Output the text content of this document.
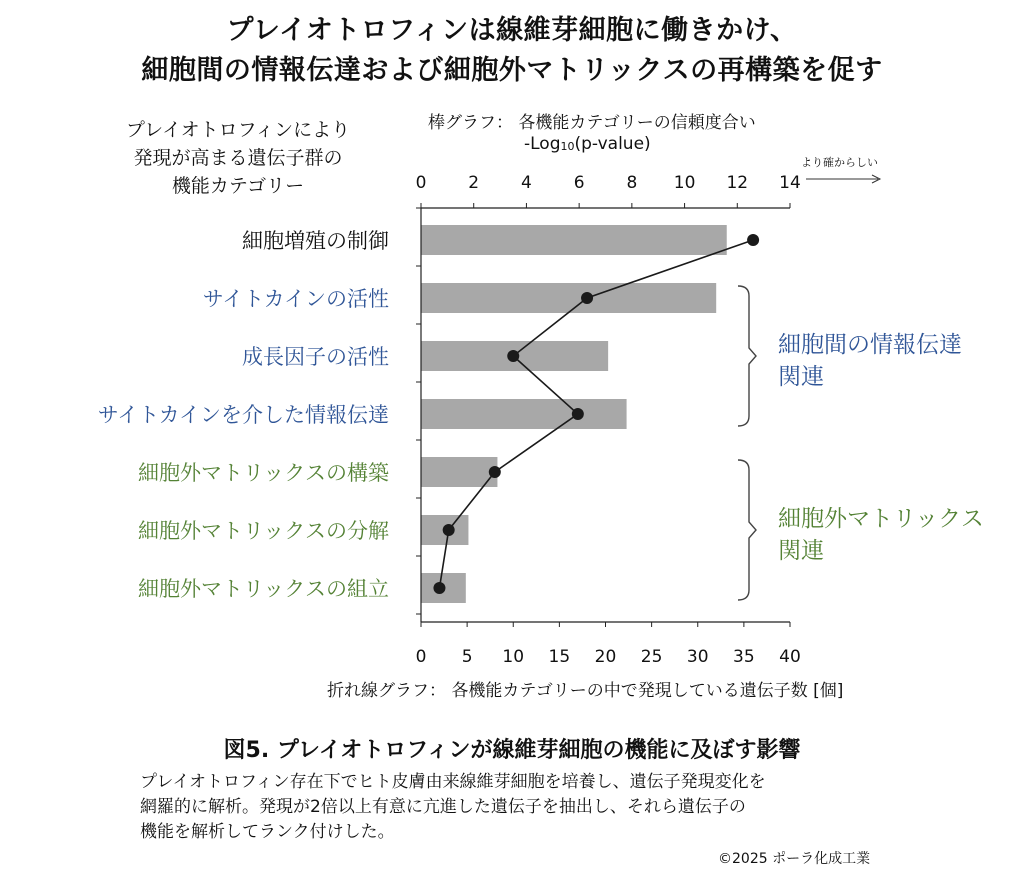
プレイオトロフィンは線維芽細胞に働きかけ、
細胞間の情報伝達および細胞外マトリックスの再構築を促す
プレイオトロフィンにより
発現が高まる遺伝子群の
機能カテゴリー
棒グラフ： 各機能カテゴリーの信頼度合い
-Log$_{10}$(p-value)
より確からしい
0 2 4 6 8 10 12 14
0 5 10 15 20 25 30 35 40
細胞増殖の制御
サイトカインの活性
成長因子の活性
サイトカインを介した情報伝達
細胞外マトリックスの構築
細胞外マトリックスの分解
細胞外マトリックスの組立
細胞間の情報伝達
関連
細胞外マトリックス
関連
折れ線グラフ： 各機能カテゴリーの中で発現している遺伝子数 [個]
図5. プレイオトロフィンが線維芽細胞の機能に及ぼす影響
プレイオトロフィン存在下でヒト皮膚由来線維芽細胞を培養し、遺伝子発現変化を
網羅的に解析。発現が2倍以上有意に亢進した遺伝子を抽出し、それら遺伝子の
機能を解析してランク付けした。
©2025 ポーラ化成工業
